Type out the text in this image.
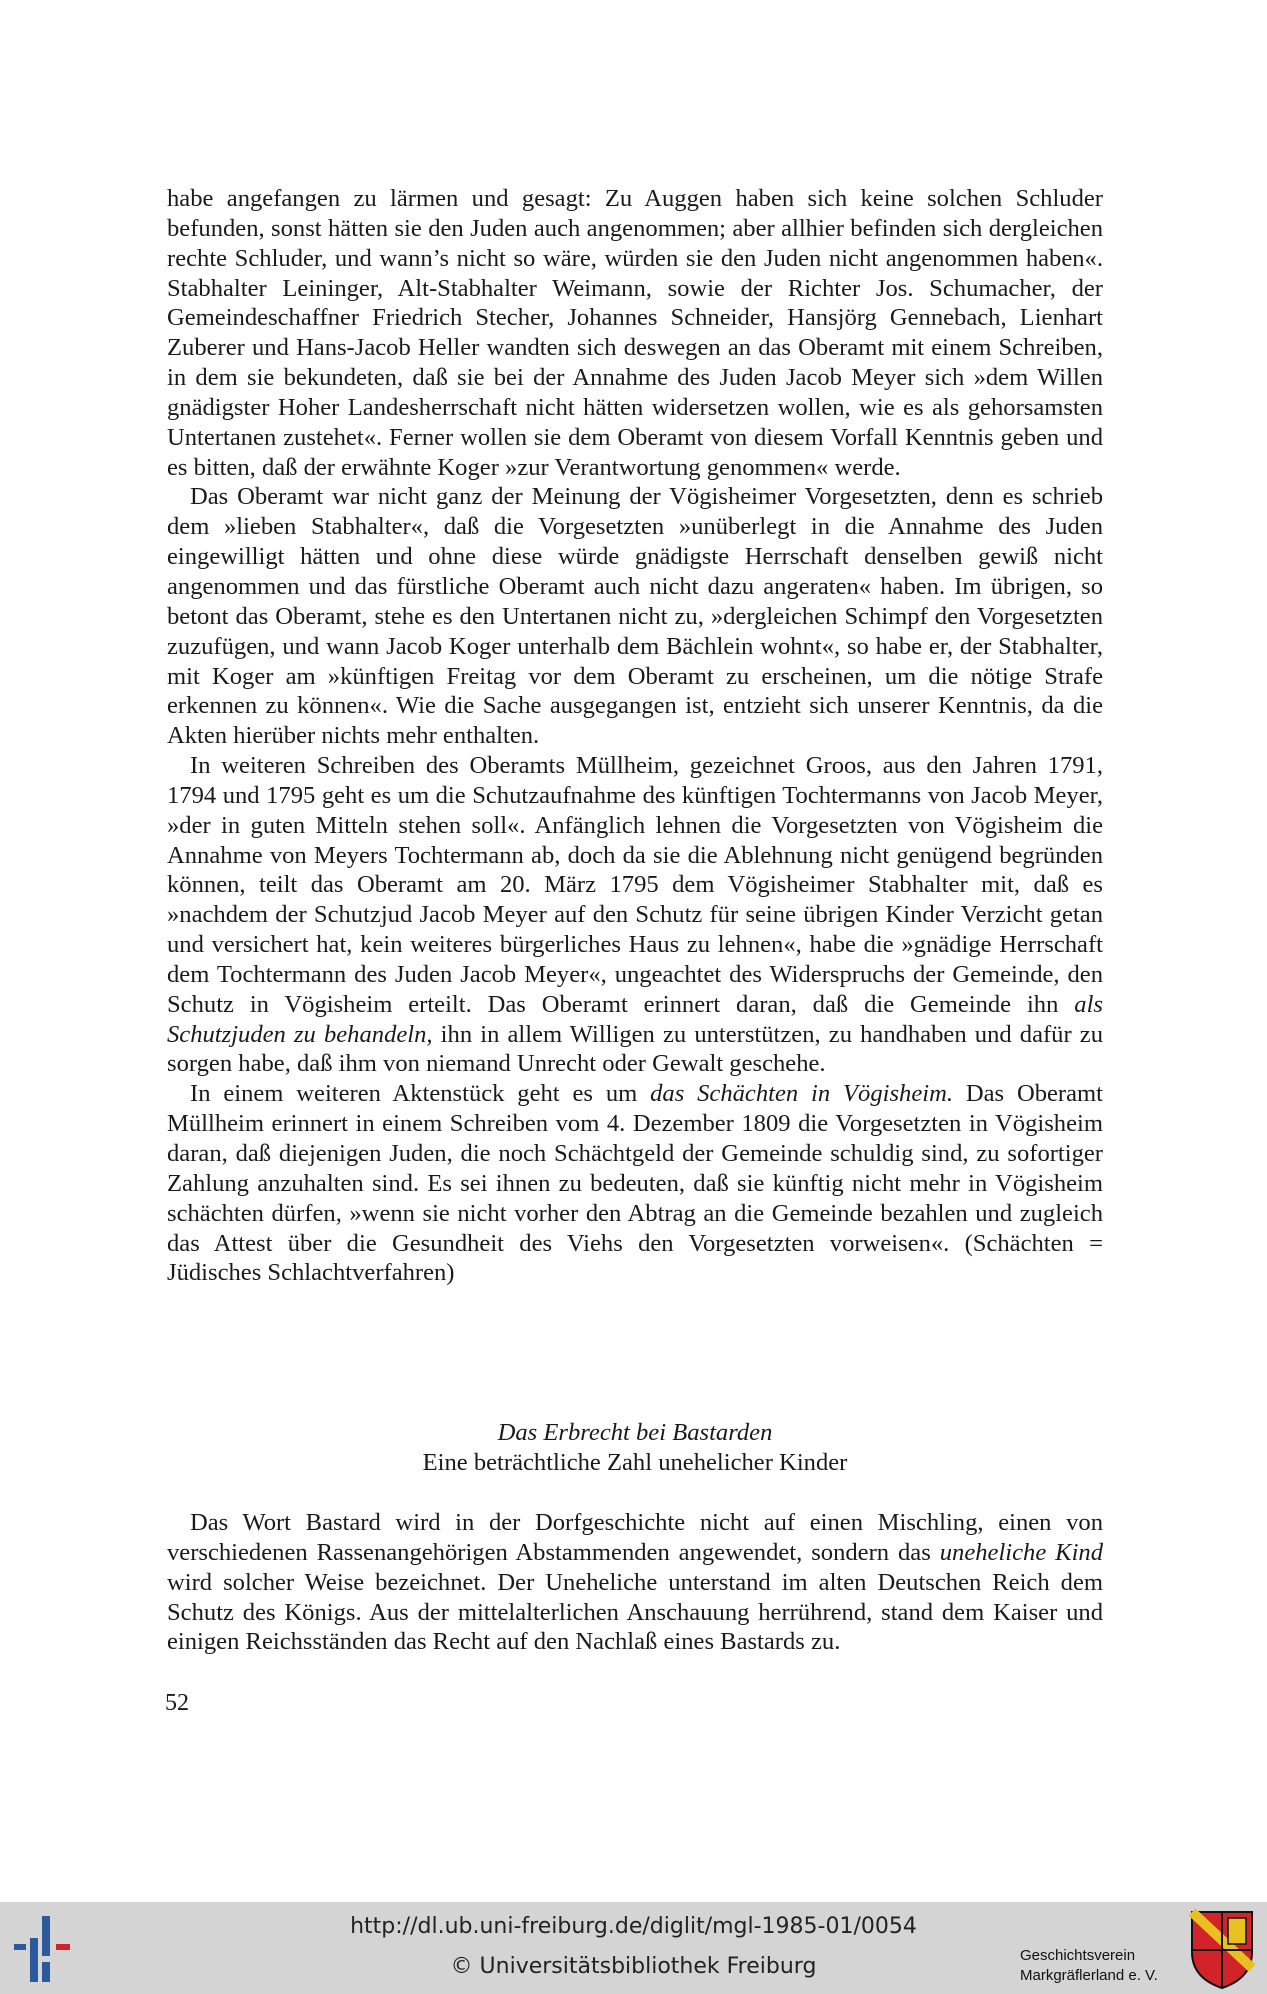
habe angefangen zu lärmen und gesagt: Zu Auggen haben sich keine solchen Schluder befunden, sonst hätten sie den Juden auch angenommen; aber allhier befinden sich dergleichen rechte Schluder, und wann’s nicht so wäre, würden sie den Juden nicht angenommen haben«. Stabhalter Leininger, Alt-Stabhalter Weimann, sowie der Richter Jos. Schumacher, der Gemeindeschaffner Friedrich Stecher, Johannes Schneider, Hansjörg Gennebach, Lienhart Zuberer und Hans-Jacob Heller wandten sich deswegen an das Oberamt mit einem Schreiben, in dem sie bekundeten, daß sie bei der Annahme des Juden Jacob Meyer sich »dem Willen gnädigster Hoher Landesherrschaft nicht hätten widersetzen wollen, wie es als gehorsamsten Untertanen zustehet«. Ferner wollen sie dem Oberamt von diesem Vorfall Kenntnis geben und es bitten, daß der erwähnte Koger »zur Verantwortung genommen« werde.

Das Oberamt war nicht ganz der Meinung der Vögisheimer Vorgesetzten, denn es schrieb dem »lieben Stabhalter«, daß die Vorgesetzten »unüberlegt in die Annahme des Juden eingewilligt hätten und ohne diese würde gnädigste Herrschaft denselben gewiß nicht angenommen und das fürstliche Oberamt auch nicht dazu angeraten« haben. Im übrigen, so betont das Oberamt, stehe es den Untertanen nicht zu, »dergleichen Schimpf den Vorgesetzten zuzufügen, und wann Jacob Koger unterhalb dem Bächlein wohnt«, so habe er, der Stabhalter, mit Koger am »künftigen Freitag vor dem Oberamt zu erscheinen, um die nötige Strafe erkennen zu können«. Wie die Sache ausgegangen ist, entzieht sich unserer Kenntnis, da die Akten hierüber nichts mehr enthalten.

In weiteren Schreiben des Oberamts Müllheim, gezeichnet Groos, aus den Jahren 1791, 1794 und 1795 geht es um die Schutzaufnahme des künftigen Tochtermanns von Jacob Meyer, »der in guten Mitteln stehen soll«. Anfänglich lehnen die Vorgesetzten von Vögisheim die Annahme von Meyers Tochtermann ab, doch da sie die Ablehnung nicht genügend begründen können, teilt das Oberamt am 20. März 1795 dem Vögisheimer Stabhalter mit, daß es »nachdem der Schutzjud Jacob Meyer auf den Schutz für seine übrigen Kinder Verzicht getan und versichert hat, kein weiteres bürgerliches Haus zu lehnen«, habe die »gnädige Herrschaft dem Tochtermann des Juden Jacob Meyer«, ungeachtet des Widerspruchs der Gemeinde, den Schutz in Vögisheim erteilt. Das Oberamt erinnert daran, daß die Gemeinde ihn als Schutzjuden zu behandeln, ihn in allem Willigen zu unterstützen, zu handhaben und dafür zu sorgen habe, daß ihm von niemand Unrecht oder Gewalt geschehe.

In einem weiteren Aktenstück geht es um das Schächten in Vögisheim. Das Oberamt Müllheim erinnert in einem Schreiben vom 4. Dezember 1809 die Vorgesetzten in Vögisheim daran, daß diejenigen Juden, die noch Schächtgeld der Gemeinde schuldig sind, zu sofortiger Zahlung anzuhalten sind. Es sei ihnen zu bedeuten, daß sie künftig nicht mehr in Vögisheim schächten dürfen, »wenn sie nicht vorher den Abtrag an die Gemeinde bezahlen und zugleich das Attest über die Gesundheit des Viehs den Vorgesetzten vorweisen«. (Schächten = Jüdisches Schlachtverfahren)

Das Erbrecht bei Bastarden
Eine beträchtliche Zahl unehelicher Kinder

Das Wort Bastard wird in der Dorfgeschichte nicht auf einen Mischling, einen von verschiedenen Rassenangehörigen Abstammenden angewendet, sondern das uneheliche Kind wird solcher Weise bezeichnet. Der Uneheliche unterstand im alten Deutschen Reich dem Schutz des Königs. Aus der mittelalterlichen Anschauung herrührend, stand dem Kaiser und einigen Reichsständen das Recht auf den Nachlaß eines Bastards zu.

52
http://dl.ub.uni-freiburg.de/diglit/mgl-1985-01/0054
© Universitätsbibliothek Freiburg	Geschichtsverein
Markgräflerland e. V.
